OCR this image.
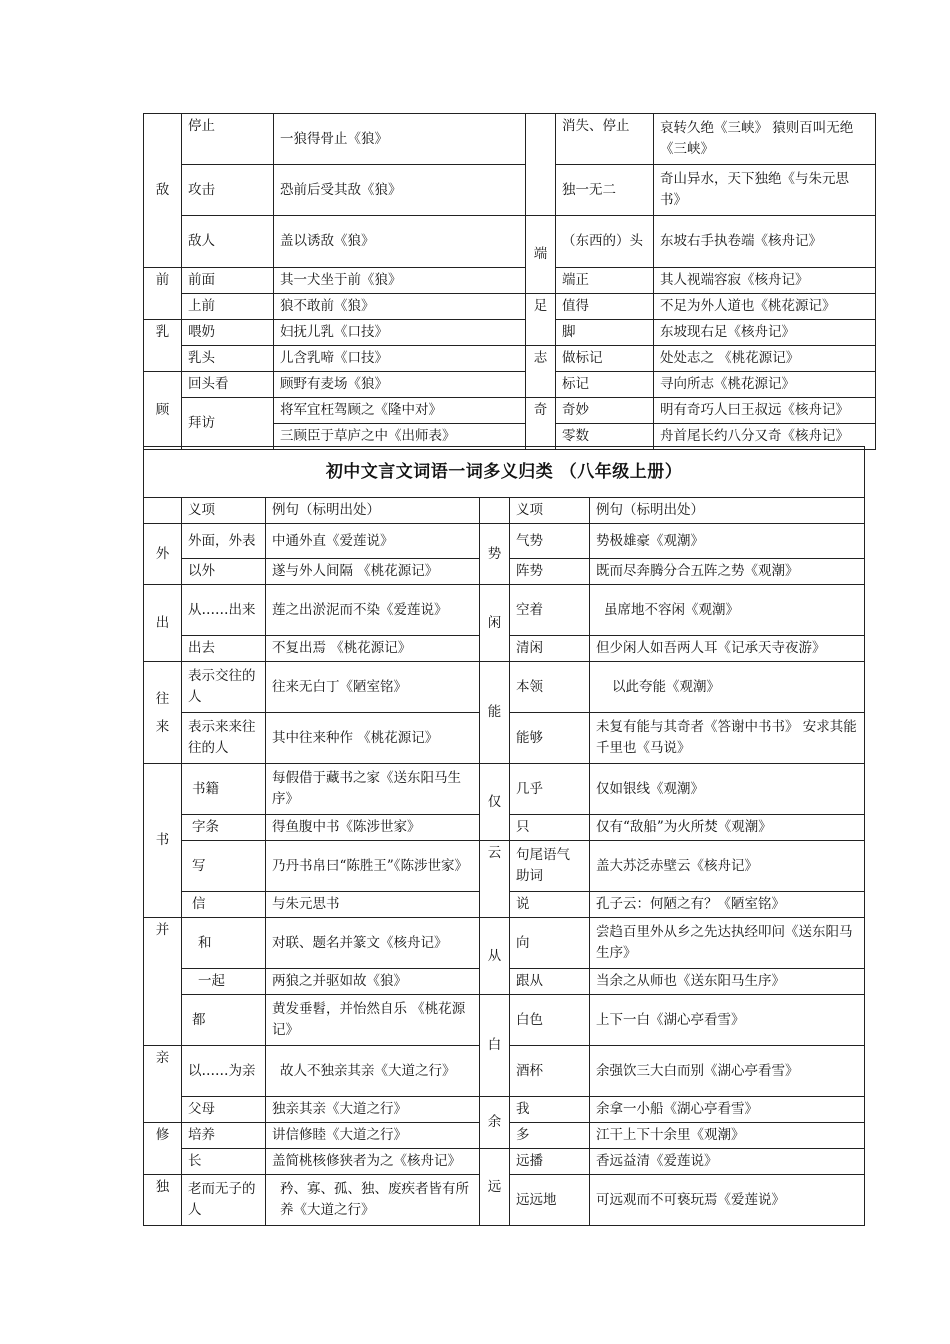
敌	停止	一狼得骨止《狼》		消失、停止	哀转久绝《三峡》 猿则百叫无绝《三峡》
	攻击	恐前后受其敌《狼》		独一无二	奇山异水，天下独绝《与朱元思书》
	敌人	盖以诱敌《狼》	端	（东西的）头	东坡右手执卷端《核舟记》
前	前面	其一犬坐于前《狼》		端正	其人视端容寂《核舟记》
	上前	狼不敢前《狼》	足	值得	不足为外人道也《桃花源记》
乳	喂奶	妇抚儿乳《口技》		脚	东坡现右足《核舟记》
	乳头	儿含乳啼《口技》	志	做标记	处处志之 《桃花源记》
顾	回头看	顾野有麦场《狼》		标记	寻向所志《桃花源记》
	拜访	将军宜枉驾顾之《隆中对》	奇	奇妙	明有奇巧人曰王叔远《核舟记》
		三顾臣于草庐之中《出师表》		零数	舟首尾长约八分又奇《核舟记》
初中文言文词语一词多义归类 （八年级上册）					
	义项	例句（标明出处）		义项	例句（标明出处）
外	外面，外表	中通外直《爱莲说》	势	气势	势极雄豪《观潮》
	以外	遂与外人间隔 《桃花源记》		阵势	既而尽奔腾分合五阵之势《观潮》
出	从……出来	莲之出淤泥而不染《爱莲说》	闲	空着	虽席地不容闲《观潮》
	出去	不复出焉 《桃花源记》		清闲	但少闲人如吾两人耳《记承天寺夜游》
往来	表示交往的人	往来无白丁《陋室铭》	能	本领	以此夸能《观潮》
	表示来来往往的人	其中往来种作 《桃花源记》		能够	未复有能与其奇者《答谢中书书》 安求其能千里也《马说》
书	书籍	每假借于藏书之家《送东阳马生序》	仅	几乎	仅如银线《观潮》
	字条	得鱼腹中书《陈涉世家》		只	仅有“敌船”为火所焚《观潮》
	写	乃丹书帛曰“陈胜王”《陈涉世家》	云	句尾语气助词	盖大苏泛赤壁云《核舟记》
	信	与朱元思书		说	孔子云：何陋之有？《陋室铭》
并	和	对联、题名并篆文《核舟记》	从	向	尝趋百里外从乡之先达执经叩问《送东阳马生序》
	一起	两狼之并驱如故《狼》		跟从	当余之从师也《送东阳马生序》
	都	黄发垂髫，并怡然自乐 《桃花源记》	白	白色	上下一白《湖心亭看雪》
亲	以……为亲	故人不独亲其亲《大道之行》		酒杯	余强饮三大白而别《湖心亭看雪》
	父母	独亲其亲《大道之行》	余	我	余拿一小船《湖心亭看雪》
修	培养	讲信修睦《大道之行》		多	江干上下十余里《观潮》
	长	盖简桃核修狭者为之《核舟记》	远	远播	香远益清《爱莲说》
独	老而无子的人	矜、寡、孤、独、废疾者皆有所养《大道之行》		远远地	可远观而不可亵玩焉《爱莲说》
